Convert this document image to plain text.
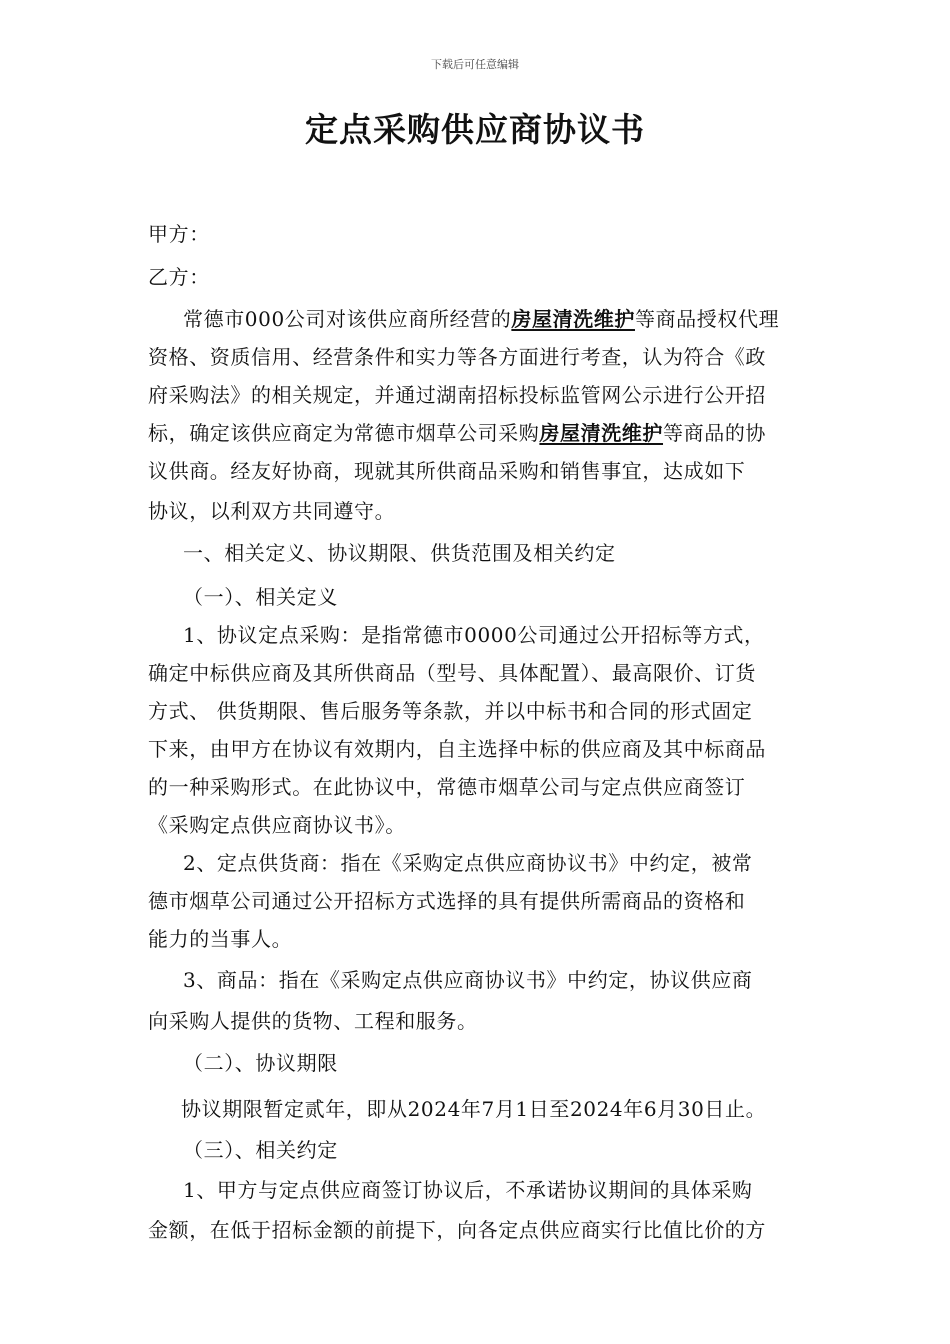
下载后可任意编辑
定点采购供应商协议书
甲方：
乙方：
常德市000公司对该供应商所经营的房屋清洗维护等商品授权代理
资格、资质信用、经营条件和实力等各方面进行考查，认为符合《政
府采购法》的相关规定，并通过湖南招标投标监管网公示进行公开招
标，确定该供应商定为常德市烟草公司采购房屋清洗维护等商品的协
议供商。经友好协商，现就其所供商品采购和销售事宜，达成如下
协议，以利双方共同遵守。
一、相关定义、协议期限、供货范围及相关约定
（一）、相关定义
1、协议定点采购：是指常德市0000公司通过公开招标等方式，
确定中标供应商及其所供商品（型号、具体配置）、最高限价、订货
方式、 供货期限、售后服务等条款，并以中标书和合同的形式固定
下来，由甲方在协议有效期内，自主选择中标的供应商及其中标商品
的一种采购形式。在此协议中，常德市烟草公司与定点供应商签订
《采购定点供应商协议书》。
2、定点供货商：指在《采购定点供应商协议书》中约定，被常
德市烟草公司通过公开招标方式选择的具有提供所需商品的资格和
能力的当事人。
3、商品：指在《采购定点供应商协议书》中约定，协议供应商
向采购人提供的货物、工程和服务。
（二）、协议期限
协议期限暂定贰年，即从2024年7月1日至2024年6月30日止。
（三）、相关约定
1、甲方与定点供应商签订协议后，不承诺协议期间的具体采购
金额，在低于招标金额的前提下，向各定点供应商实行比值比价的方
